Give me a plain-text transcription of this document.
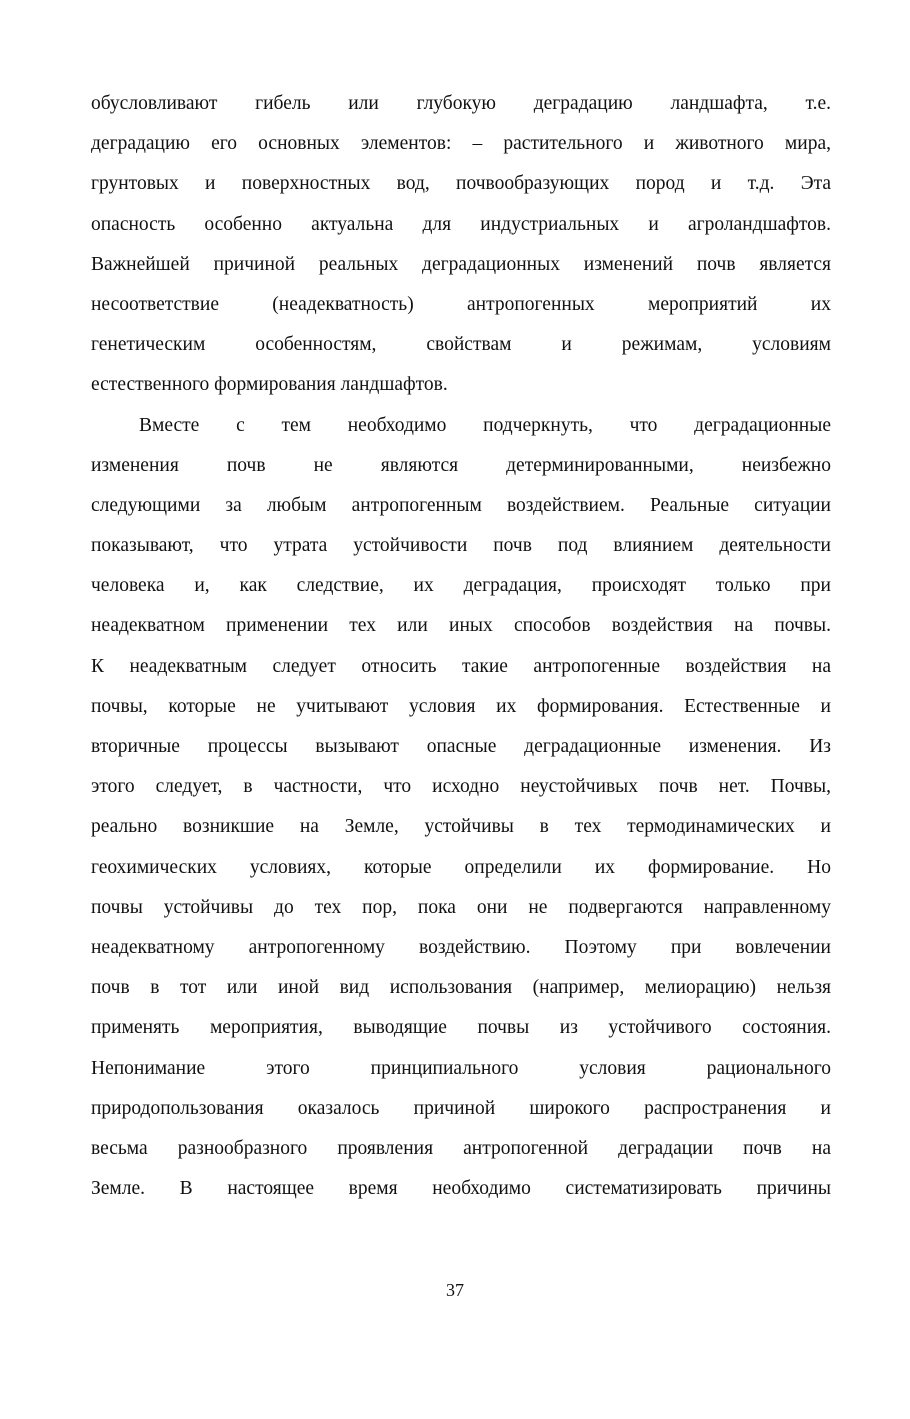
обусловливают гибель или глубокую деградацию ландшафта, т.е.
деградацию его основных элементов: – растительного и животного мира,
грунтовых и поверхностных вод, почвообразующих пород и т.д. Эта
опасность особенно актуальна для индустриальных и агроландшафтов.
Важнейшей причиной реальных деградационных изменений почв является
несоответствие (неадекватность) антропогенных мероприятий их
генетическим особенностям, свойствам и режимам, условиям
естественного формирования ландшафтов.
Вместе с тем необходимо подчеркнуть, что деградационные
изменения почв не являются детерминированными, неизбежно
следующими за любым антропогенным воздействием. Реальные ситуации
показывают, что утрата устойчивости почв под влиянием деятельности
человека и, как следствие, их деградация, происходят только при
неадекватном применении тех или иных способов воздействия на почвы.
К неадекватным следует относить такие антропогенные воздействия на
почвы, которые не учитывают условия их формирования. Естественные и
вторичные процессы вызывают опасные деградационные изменения. Из
этого следует, в частности, что исходно неустойчивых почв нет. Почвы,
реально возникшие на Земле, устойчивы в тех термодинамических и
геохимических условиях, которые определили их формирование. Но
почвы устойчивы до тех пор, пока они не подвергаются направленному
неадекватному антропогенному воздействию. Поэтому при вовлечении
почв в тот или иной вид использования (например, мелиорацию) нельзя
применять мероприятия, выводящие почвы из устойчивого состояния.
Непонимание этого принципиального условия рационального
природопользования оказалось причиной широкого распространения и
весьма разнообразного проявления антропогенной деградации почв на
Земле. В настоящее время необходимо систематизировать причины
37
